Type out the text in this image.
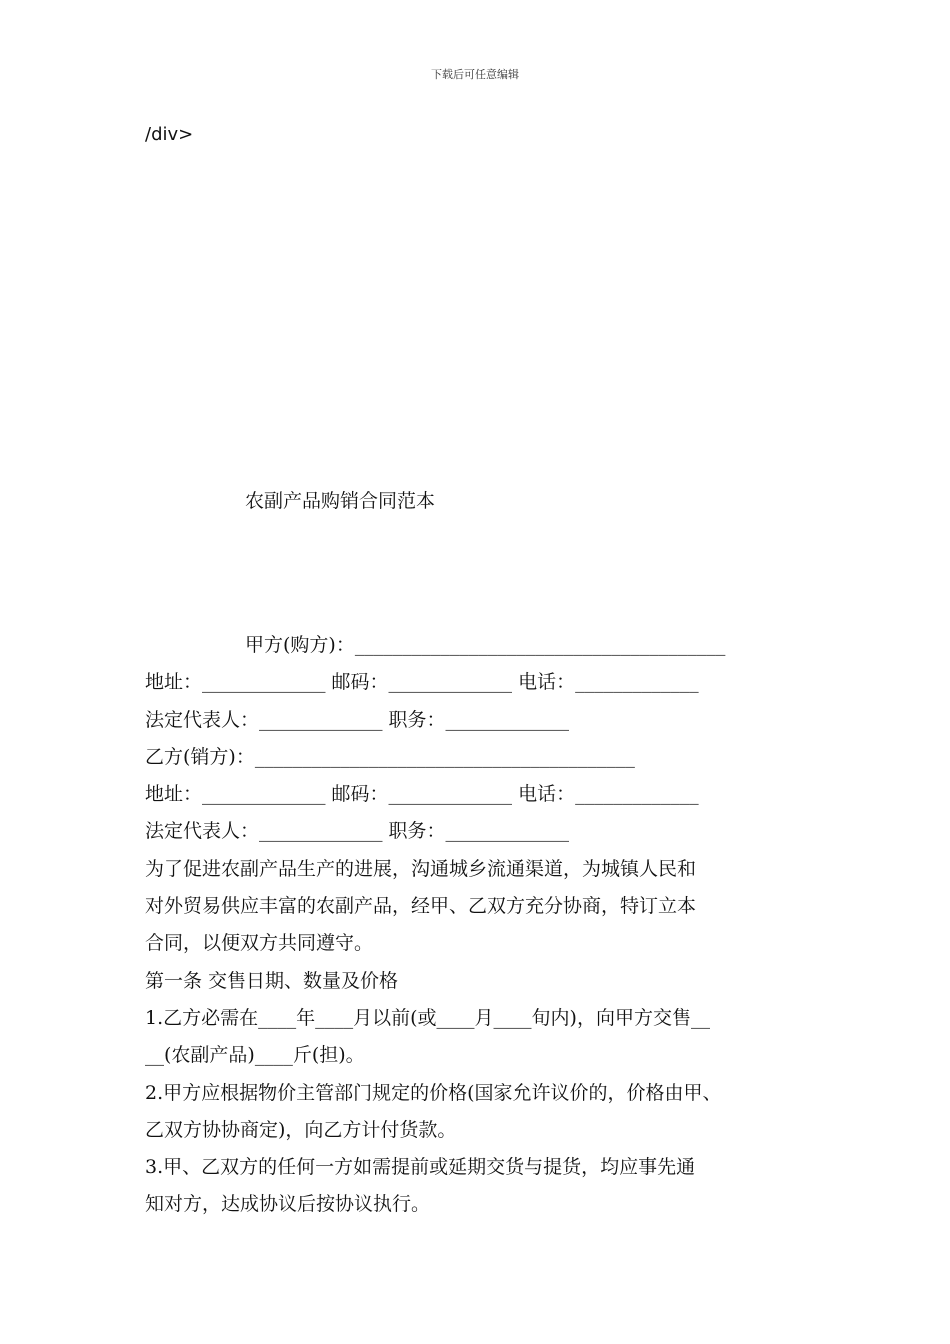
下载后可任意编辑
/div>
农副产品购销合同范本
甲方(购方)：_______________________________________
地址：_____________ 邮码：_____________ 电话：_____________
法定代表人：_____________ 职务：_____________
乙方(销方)：________________________________________
地址：_____________ 邮码：_____________ 电话：_____________
法定代表人：_____________ 职务：_____________
为了促进农副产品生产的进展，沟通城乡流通渠道，为城镇人民和
对外贸易供应丰富的农副产品，经甲、乙双方充分协商，特订立本
合同，以便双方共同遵守。
第一条 交售日期、数量及价格
1.乙方必需在____年____月以前(或____月____旬内)，向甲方交售__
__(农副产品)____斤(担)。
2.甲方应根据物价主管部门规定的价格(国家允许议价的，价格由甲、
乙双方协协商定)，向乙方计付货款。
3.甲、乙双方的任何一方如需提前或延期交货与提货，均应事先通
知对方，达成协议后按协议执行。
